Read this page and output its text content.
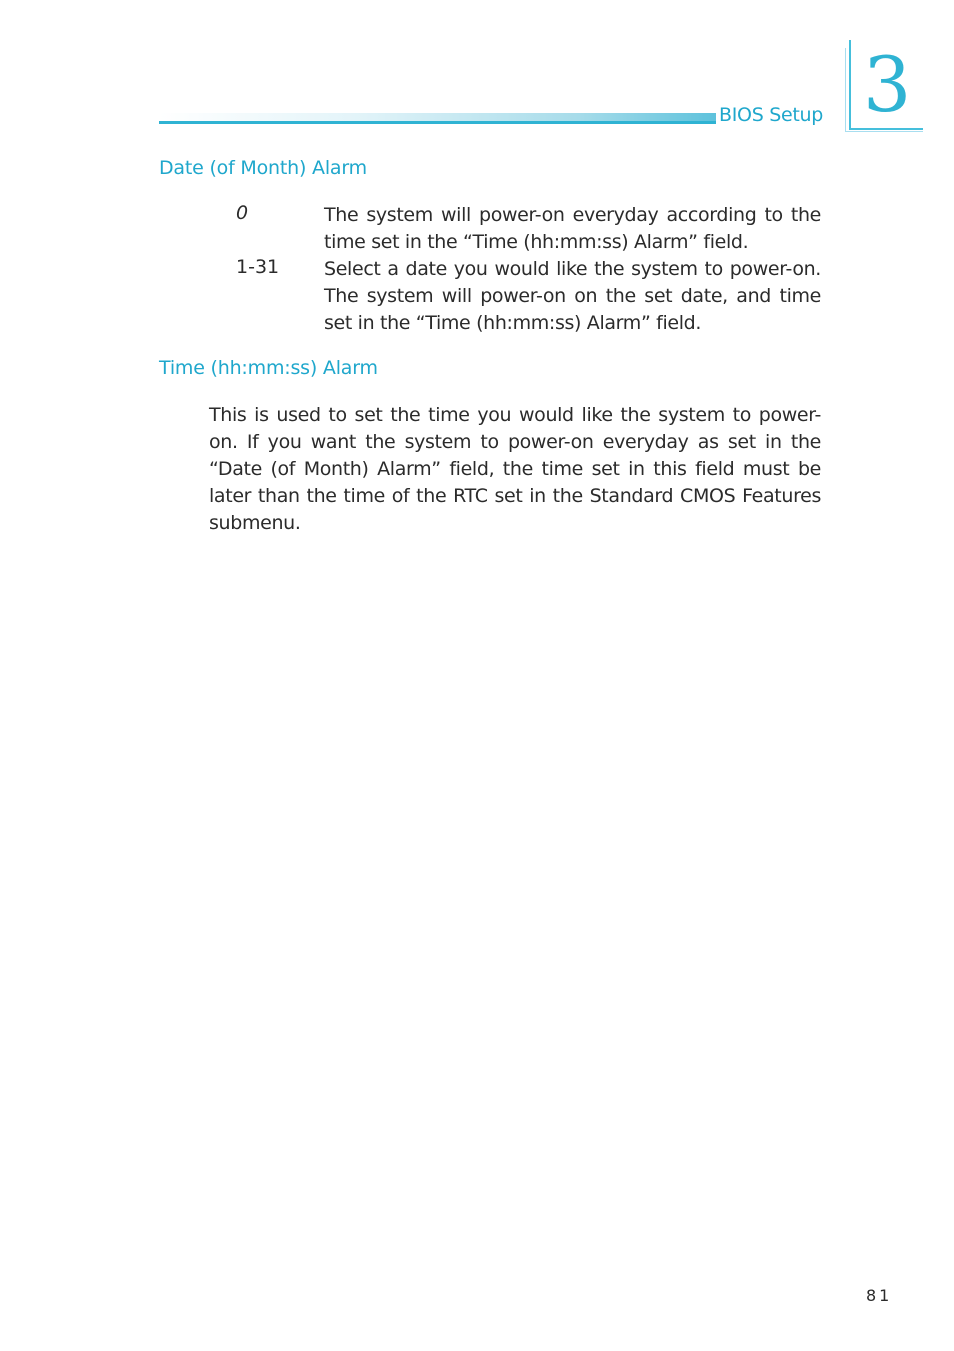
BIOS Setup 3
Date (of Month) Alarm
0	The system will power-on everyday according to the time set in the “Time (hh:mm:ss) Alarm” field.
1-31 Select a date you would like the system to power-on. The system will power-on on the set date, and time set in the “Time (hh:mm:ss) Alarm” field.
Time (hh:mm:ss) Alarm
This is used to set the time you would like the system to power-on. If you want the system to power-on everyday as set in the “Date (of Month) Alarm” field, the time set in this field must be later than the time of the RTC set in the Standard CMOS Features submenu.
81
